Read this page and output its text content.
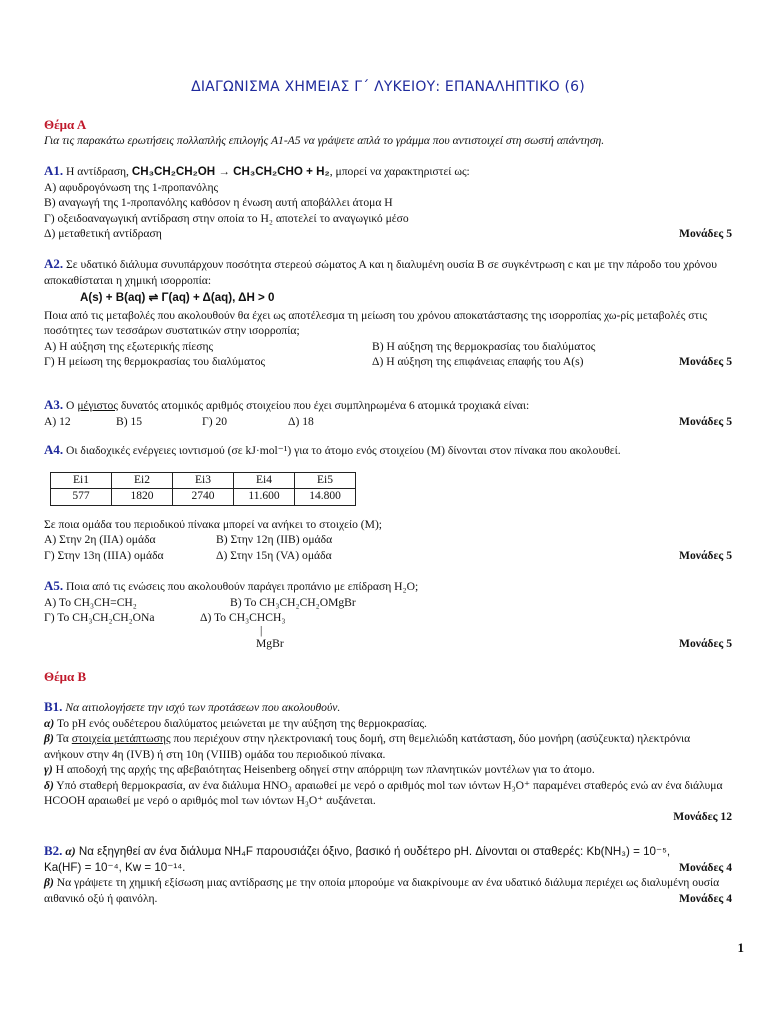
ΔΙΑΓΩΝΙΣΜΑ ΧΗΜΕΙΑΣ Γ΄ ΛΥΚΕΙΟΥ: ΕΠΑΝΑΛΗΠΤΙΚΟ (6)
Θέμα Α
Για τις παρακάτω ερωτήσεις πολλαπλής επιλογής Α1-Α5 να γράψετε απλά το γράμμα που αντιστοιχεί στη σωστή απάντηση.
Α1. Η αντίδραση, CH₃CH₂CH₂OH → CH₃CH₂CHO + H₂, μπορεί να χαρακτηριστεί ως:
Α) αφυδρογόνωση της 1-προπανόλης
Β) αναγωγή της 1-προπανόλης καθόσον η ένωση αυτή αποβάλλει άτομα Η
Γ) οξειδοαναγωγική αντίδραση στην οποία το Η₂ αποτελεί το αναγωγικό μέσο
Δ) μεταθετική αντίδραση	Μονάδες 5
Α2. Σε υδατικό διάλυμα συνυπάρχουν ποσότητα στερεού σώματος Α και η διαλυμένη ουσία Β σε συγκέντρωση c και με την πάροδο του χρόνου αποκαθίσταται η χημική ισορροπία:
Α(s) + B(aq) ⇌ Γ(aq) + Δ(aq), ΔΗ > 0
Ποια από τις μεταβολές που ακολουθούν θα έχει ως αποτέλεσμα τη μείωση του χρόνου αποκατάστασης της ισορροπίας χω-ρίς μεταβολές στις ποσότητες των τεσσάρων συστατικών στην ισορροπία;
Α) Η αύξηση της εξωτερικής πίεσης	Β) Η αύξηση της θερμοκρασίας του διαλύματος
Γ) Η μείωση της θερμοκρασίας του διαλύματος	Δ) Η αύξηση της επιφάνειας επαφής του Α(s)	Μονάδες 5
Α3. Ο μέγιστος δυνατός ατομικός αριθμός στοιχείου που έχει συμπληρωμένα 6 ατομικά τροχιακά είναι:
Α) 12	Β) 15	Γ) 20	Δ) 18	Μονάδες 5
Α4. Οι διαδοχικές ενέργειες ιοντισμού (σε kJ·mol⁻¹) για το άτομο ενός στοιχείου (Μ) δίνονται στον πίνακα που ακολουθεί.
Ei1	Ei2	Ei3	Ei4	Ei5
577	1820	2740	11.600	14.800
Σε ποια ομάδα του περιοδικού πίνακα μπορεί να ανήκει το στοιχείο (Μ);
Α) Στην 2η (ΙΙΑ) ομάδα	Β) Στην 12η (ΙΙΒ) ομάδα
Γ) Στην 13η (ΙΙΙΑ) ομάδα	Δ) Στην 15η (VA) ομάδα	Μονάδες 5
Α5. Ποια από τις ενώσεις που ακολουθούν παράγει προπάνιο με επίδραση H₂O;
Α) Το CH₃CH=CH₂	Β) Το CH₃CH₂CH₂OMgBr
Γ) Το CH₃CH₂CH₂ONa	Δ) Το CH₃CHCH₃
|
MgBr	Μονάδες 5
Θέμα Β
Β1. Να αιτιολογήσετε την ισχύ των προτάσεων που ακολουθούν.
α) Το pH ενός ουδέτερου διαλύματος μειώνεται με την αύξηση της θερμοκρασίας.
β) Τα στοιχεία μετάπτωσης που περιέχουν στην ηλεκτρονιακή τους δομή, στη θεμελιώδη κατάσταση, δύο μονήρη (ασύζευκτα) ηλεκτρόνια ανήκουν στην 4η (IVB) ή στη 10η (VIIIB) ομάδα του περιοδικού πίνακα.
γ) Η αποδοχή της αρχής της αβεβαιότητας Heisenberg οδηγεί στην απόρριψη των πλανητικών μοντέλων για το άτομο.
δ) Υπό σταθερή θερμοκρασία, αν ένα διάλυμα HNO₃ αραιωθεί με νερό ο αριθμός mol των ιόντων H₃O⁺ παραμένει σταθερός ενώ αν ένα διάλυμα HCOOH αραιωθεί με νερό ο αριθμός mol των ιόντων H₃O⁺ αυξάνεται.
Μονάδες 12
Β2. α) Να εξηγηθεί αν ένα διάλυμα NH₄F παρουσιάζει όξινο, βασικό ή ουδέτερο pH. Δίνονται οι σταθερές: Kb(NH₃) = 10⁻⁵,
Ka(HF) = 10⁻⁴, Kw = 10⁻¹⁴.	Μονάδες 4
β) Να γράψετε τη χημική εξίσωση μιας αντίδρασης με την οποία μπορούμε να διακρίνουμε αν ένα υδατικό διάλυμα περιέχει ως διαλυμένη ουσία αιθανικό οξύ ή φαινόλη.	Μονάδες 4
1
